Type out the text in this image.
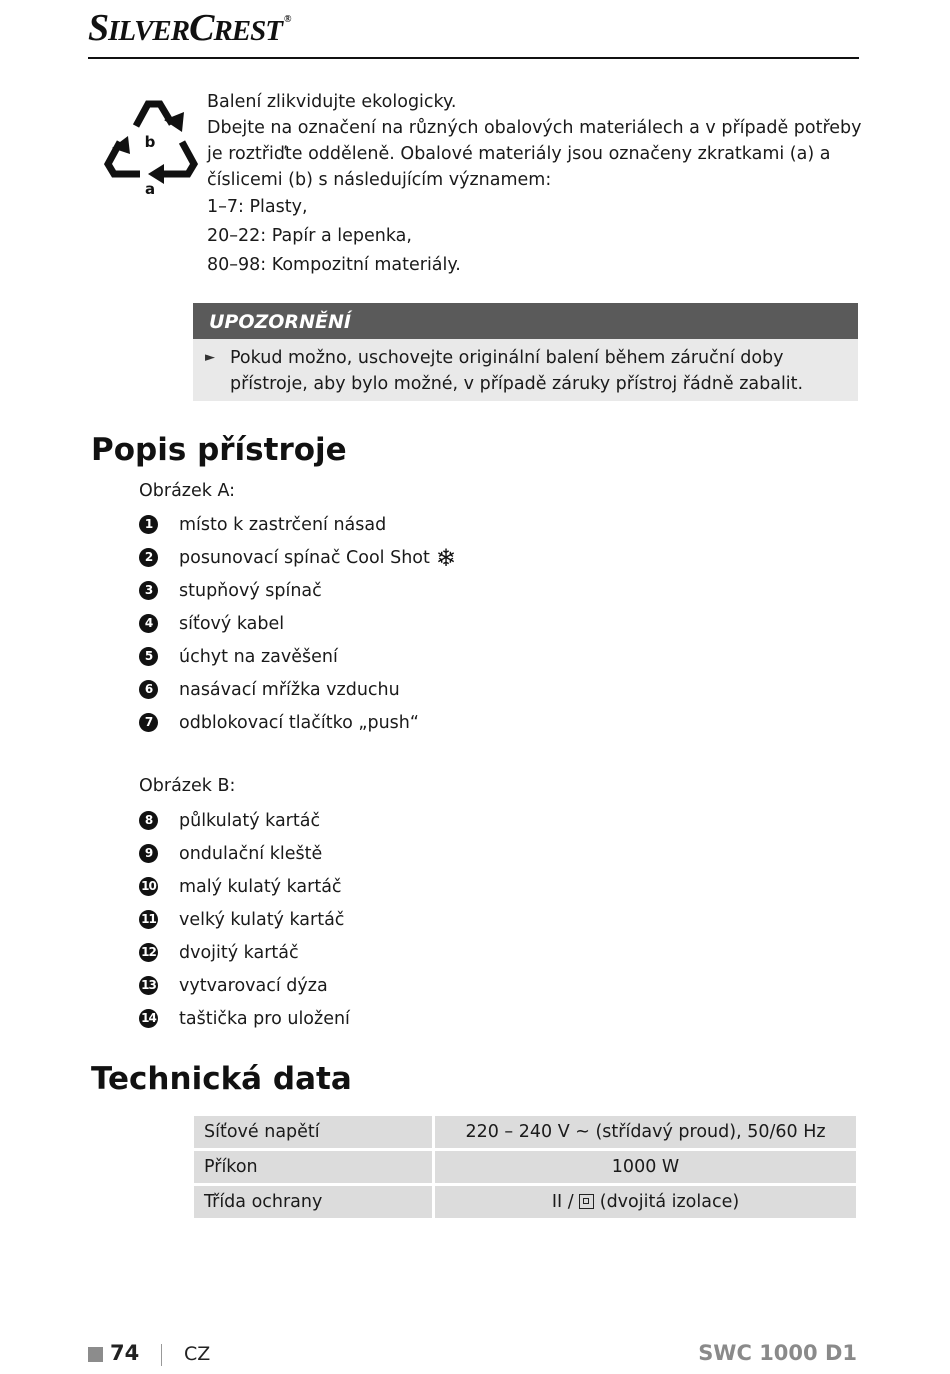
SILVERCREST ®
b
a

Balení zlikvidujte ekologicky.

Dbejte na označení na různých obalových materiálech a v případě potřeby je roztřiďte odděleně. Obalové materiály jsou označeny zkratkami (a) a číslicemi (b) s následujícím významem:

1–7: Plasty,

20–22: Papír a lepenka,

80–98: Kompozitní materiály.

UPOZORNĚNÍ
► Pokud možno, uschovejte originální balení během záruční doby přístroje, aby bylo možné, v případě záruky přístroj řádně zabalit.
Popis přístroje
Obrázek A:
1	místo k zastrčení násad
2	posunovací spínač Cool Shot ❄
3	stupňový spínač
4	síťový kabel
5	úchyt na zavěšení
6	nasávací mřížka vzduchu
7	odblokovací tlačítko „push“
Obrázek B:
8	půlkulatý kartáč
9	ondulační kleště
10 malý kulatý kartáč
11 velký kulatý kartáč
12 dvojitý kartáč
13 vytvarovací dýza
14 taštička pro uložení
Technická data
Síťové napětí	220 – 240 V ~ (střídavý proud), 50/60 Hz
Příkon	1000 W
Třída ochrany	II / (dvojitá izolace)
74 CZ	SWC 1000 D1
